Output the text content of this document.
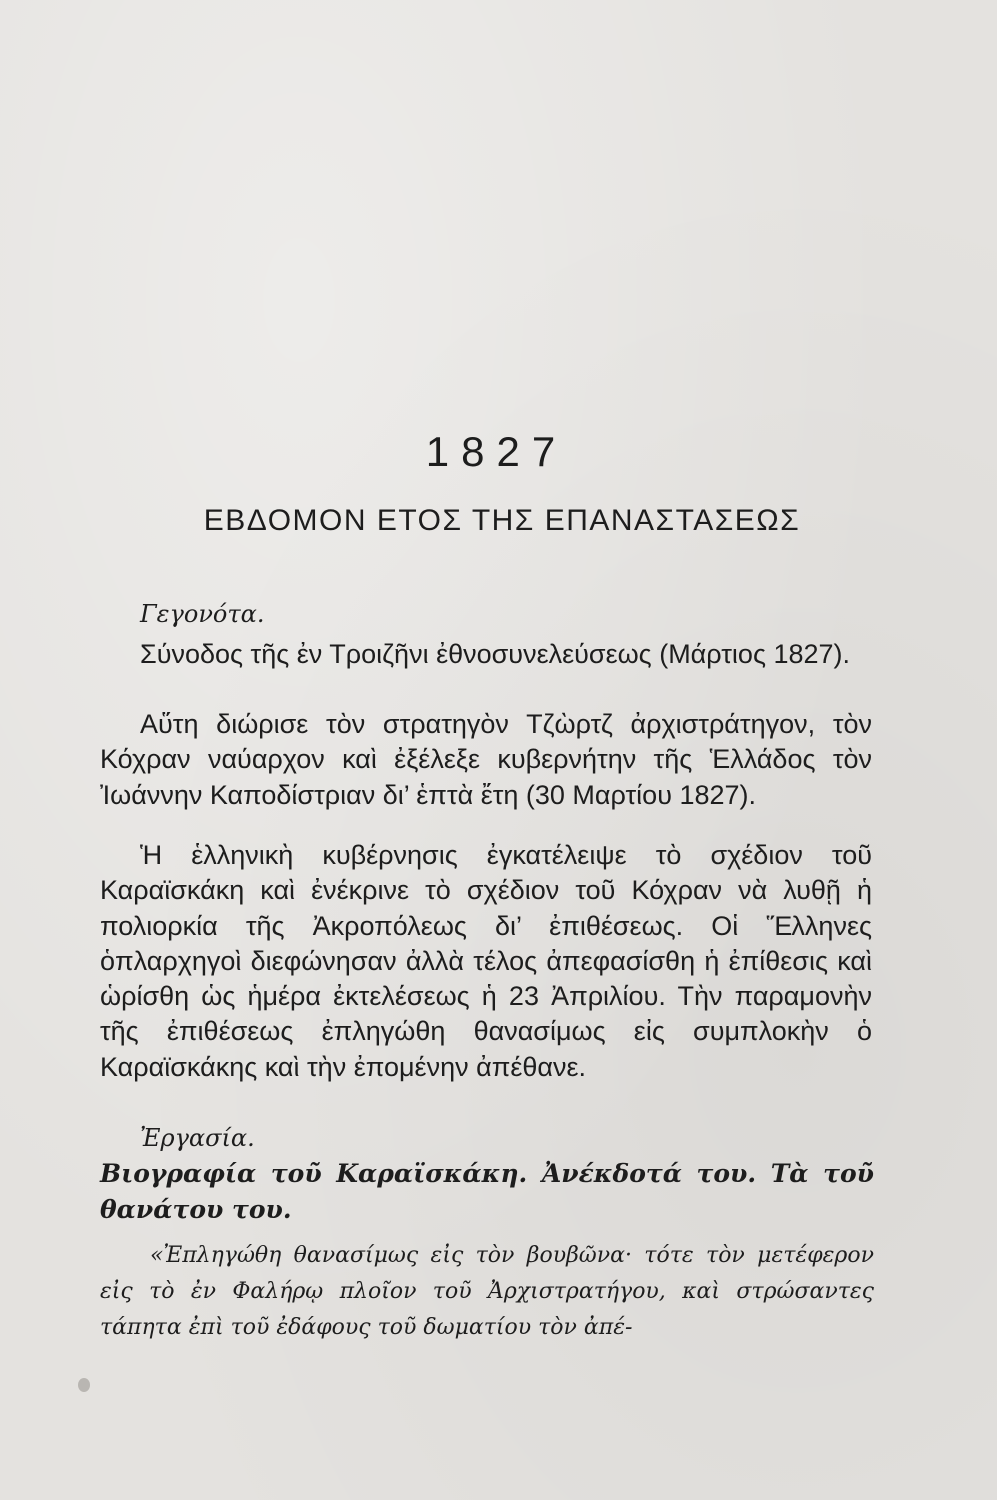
1827
ΕΒΔΟΜΟΝ ΕΤΟΣ ΤΗΣ ΕΠΑΝΑΣΤΑΣΕΩΣ
Γεγονότα.
Σύνοδος τῆς ἐν Τροιζῆνι ἐθνοσυνελεύσεως (Μάρτιος 1827).
Αὕτη διώρισε τὸν στρατηγὸν Τζὼρτζ ἀρχιστράτηγον, τὸν Κόχραν ναύαρχον καὶ ἐξέλεξε κυβερνήτην τῆς Ἑλλάδος τὸν Ἰωάννην Καποδίστριαν δι’ ἑπτὰ ἔτη (30 Μαρτίου 1827).
Ἡ ἑλληνικὴ κυβέρνησις ἐγκατέλειψε τὸ σχέδιον τοῦ Καραϊσκάκη καὶ ἐνέκρινε τὸ σχέδιον τοῦ Κόχραν νὰ λυθῇ ἡ πολιορκία τῆς Ἀκροπόλεως δι’ ἐπιθέσεως. Οἱ Ἕλληνες ὁπλαρχηγοὶ διεφώνησαν ἀλλὰ τέλος ἀπεφασίσθη ἡ ἐπίθεσις καὶ ὡρίσθη ὡς ἡμέρα ἐκτελέσεως ἡ 23 Ἀπριλίου. Τὴν παραμονὴν τῆς ἐπιθέσεως ἐπληγώθη θανασίμως εἰς συμπλοκὴν ὁ Καραϊσκάκης καὶ τὴν ἐπομένην ἀπέθανε.
Ἐργασία.
Βιογραφία τοῦ Καραϊσκάκη. Ἀνέκδοτά του. Τὰ τοῦ θανάτου του.
«Ἐπληγώθη θανασίμως εἰς τὸν βουβῶνα· τότε τὸν μετέφερον εἰς τὸ ἐν Φαλήρῳ πλοῖον τοῦ Ἀρχιστρατήγου, καὶ στρώσαντες τάπητα ἐπὶ τοῦ ἐδάφους τοῦ δωματίου τὸν ἀπέ-
